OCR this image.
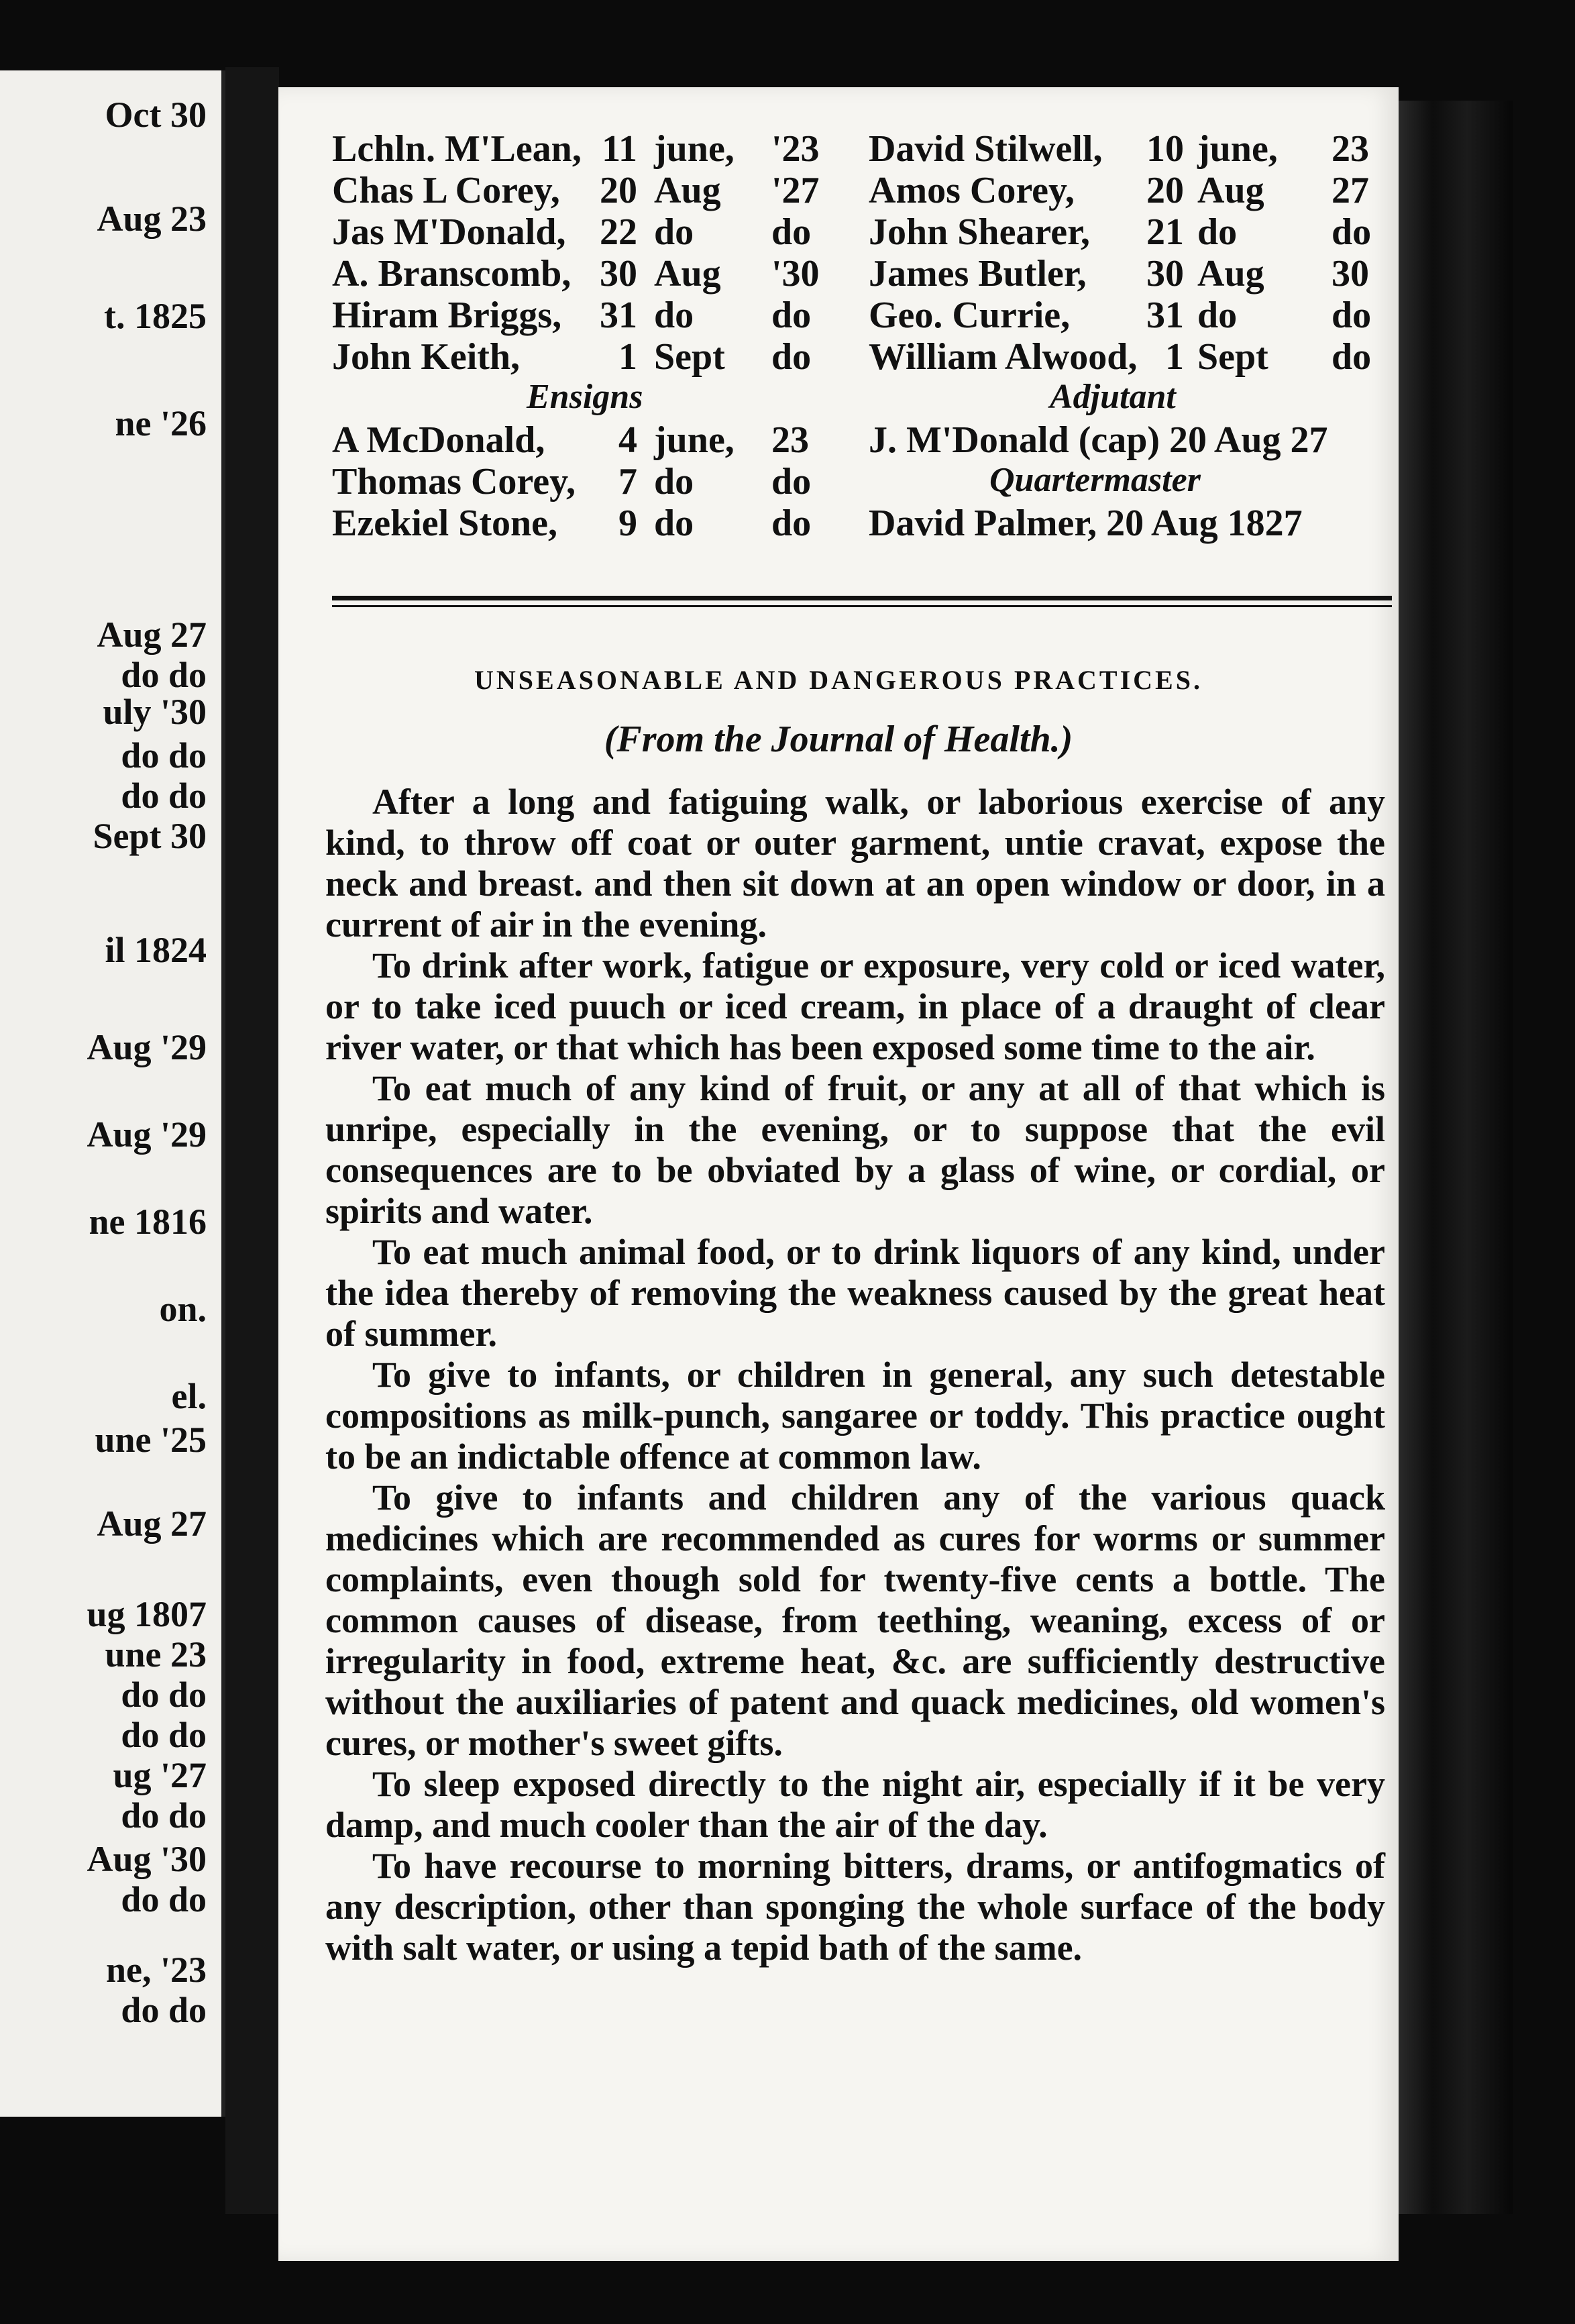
Oct 30
Aug 23
t. 1825
ne '26
Aug 27
do do
uly '30
do do
do do
Sept 30
il 1824
Aug '29
Aug '29
ne 1816
on.
el.
une '25
Aug 27
ug 1807
une 23
do do
do do
ug '27
do do
Aug '30
do do
ne, '23
do do
Lchln. M'Lean, 11 june, '23
Chas L Corey, 20 Aug '27
Jas M'Donald, 22 do do
A. Branscomb, 30 Aug '30
Hiram Briggs, 31 do do
John Keith,	1 Sept do
Ensigns
A McDonald,	4 june, 23
Thomas Corey,	7 do do
Ezekiel Stone,	9 do do
David Stilwell, 10 june, 23
Amos Corey, 20 Aug 27
John Shearer, 21 do	do
James Butler, 30 Aug 30
Geo. Currie, 31 do	do
William Alwood, 1 Sept do
Adjutant
J. M'Donald (cap) 20 Aug 27
Quartermaster
David Palmer, 20 Aug 1827
UNSEASONABLE AND DANGEROUS PRACTICES.
(From the Journal of Health.)

After a long and fatiguing walk, or laborious exercise of any kind, to throw off coat or outer garment, untie cravat, expose the neck and breast. and then sit down at an open window or door, in a current of air in the evening.

To drink after work, fatigue or exposure, very cold or iced water, or to take iced puuch or iced cream, in place of a draught of clear river water, or that which has been exposed some time to the air.

To eat much of any kind of fruit, or any at all of that which is unripe, especially in the evening, or to suppose that the evil consequences are to be obviated by a glass of wine, or cordial, or spirits and water.

To eat much animal food, or to drink liquors of any kind, under the idea thereby of removing the weakness caused by the great heat of summer.

To give to infants, or children in general, any such detestable compositions as milk-punch, sangaree or toddy. This practice ought to be an indictable offence at common law.

To give to infants and children any of the various quack medicines which are recommended as cures for worms or summer complaints, even though sold for twenty-five cents a bottle. The common causes of disease, from teething, weaning, excess of or irregularity in food, extreme heat, &c. are sufficiently destructive without the auxiliaries of patent and quack medicines, old women's cures, or mother's sweet gifts.

To sleep exposed directly to the night air, especially if it be very damp, and much cooler than the air of the day.

To have recourse to morning bitters, drams, or antifogmatics of any description, other than sponging the whole surface of the body with salt water, or using a tepid bath of the same.
